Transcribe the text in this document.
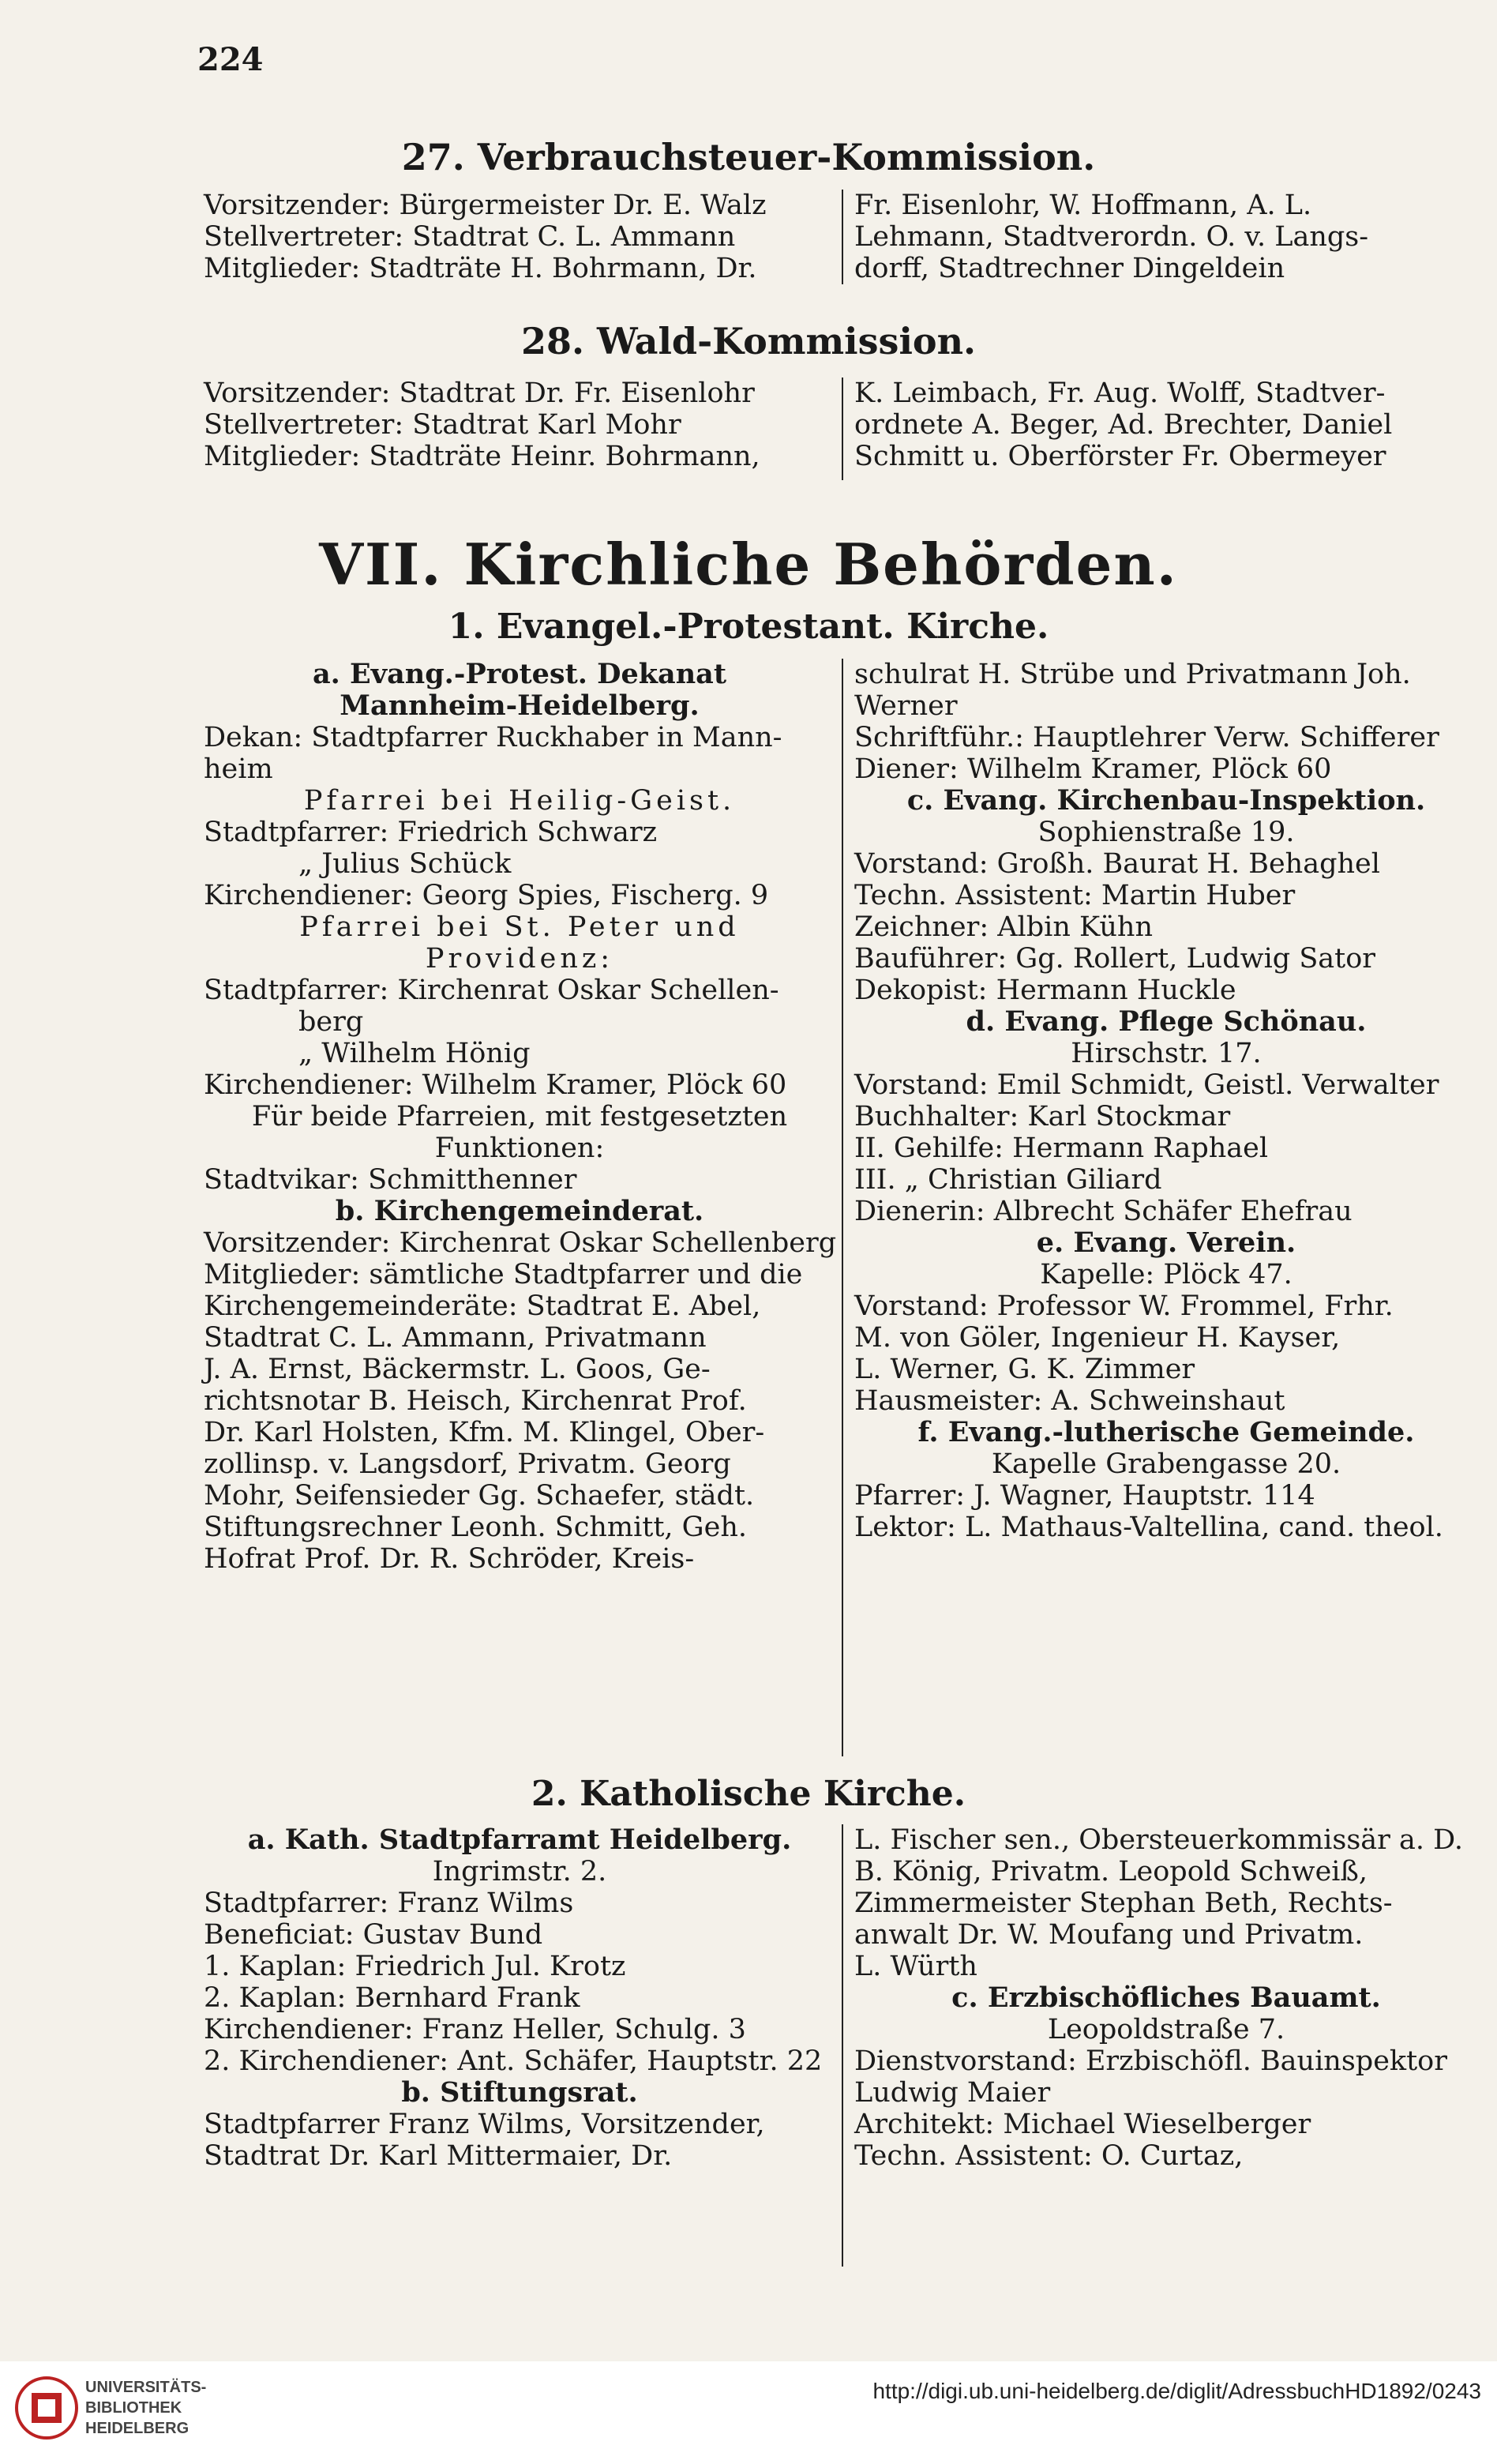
224
27. Verbrauchsteuer-Kommission.
Vorsitzender: Bürgermeister Dr. E. Walz
Stellvertreter: Stadtrat C. L. Ammann
Mitglieder: Stadträte H. Bohrmann, Dr.
Fr. Eisenlohr, W. Hoffmann, A. L.
Lehmann, Stadtverordn. O. v. Langs-
dorff, Stadtrechner Dingeldein
28. Wald-Kommission.
Vorsitzender: Stadtrat Dr. Fr. Eisenlohr
Stellvertreter: Stadtrat Karl Mohr
Mitglieder: Stadträte Heinr. Bohrmann,
K. Leimbach, Fr. Aug. Wolff, Stadtver-
ordnete A. Beger, Ad. Brechter, Daniel
Schmitt u. Oberförster Fr. Obermeyer
VII. Kirchliche Behörden.
1. Evangel.-Protestant. Kirche.
a. Evang.-Protest. Dekanat
Mannheim-Heidelberg.
Dekan: Stadtpfarrer Ruckhaber in Mann-
heim
Pfarrei bei Heilig-Geist.
Stadtpfarrer: Friedrich Schwarz
„ Julius Schück
Kirchendiener: Georg Spies, Fischerg. 9
Pfarrei bei St. Peter und
Providenz:
Stadtpfarrer: Kirchenrat Oskar Schellen-
berg
„ Wilhelm Hönig
Kirchendiener: Wilhelm Kramer, Plöck 60
Für beide Pfarreien, mit festgesetzten
Funktionen:
Stadtvikar: Schmitthenner
b. Kirchengemeinderat.
Vorsitzender: Kirchenrat Oskar Schellenberg
Mitglieder: sämtliche Stadtpfarrer und die
Kirchengemeinderäte: Stadtrat E. Abel,
Stadtrat C. L. Ammann, Privatmann
J. A. Ernst, Bäckermstr. L. Goos, Ge-
richtsnotar B. Heisch, Kirchenrat Prof.
Dr. Karl Holsten, Kfm. M. Klingel, Ober-
zollinsp. v. Langsdorf, Privatm. Georg
Mohr, Seifensieder Gg. Schaefer, städt.
Stiftungsrechner Leonh. Schmitt, Geh.
Hofrat Prof. Dr. R. Schröder, Kreis-
schulrat H. Strübe und Privatmann Joh.
Werner
Schriftführ.: Hauptlehrer Verw. Schifferer
Diener: Wilhelm Kramer, Plöck 60
c. Evang. Kirchenbau-Inspektion.
Sophienstraße 19.
Vorstand: Großh. Baurat H. Behaghel
Techn. Assistent: Martin Huber
Zeichner: Albin Kühn
Bauführer: Gg. Rollert, Ludwig Sator
Dekopist: Hermann Huckle
d. Evang. Pflege Schönau.
Hirschstr. 17.
Vorstand: Emil Schmidt, Geistl. Verwalter
Buchhalter: Karl Stockmar
II. Gehilfe: Hermann Raphael
III. „ Christian Giliard
Dienerin: Albrecht Schäfer Ehefrau
e. Evang. Verein.
Kapelle: Plöck 47.
Vorstand: Professor W. Frommel, Frhr.
M. von Göler, Ingenieur H. Kayser,
L. Werner, G. K. Zimmer
Hausmeister: A. Schweinshaut
f. Evang.-lutherische Gemeinde.
Kapelle Grabengasse 20.
Pfarrer: J. Wagner, Hauptstr. 114
Lektor: L. Mathaus-Valtellina, cand. theol.
2. Katholische Kirche.
a. Kath. Stadtpfarramt Heidelberg.
Ingrimstr. 2.
Stadtpfarrer: Franz Wilms
Beneficiat: Gustav Bund
1. Kaplan: Friedrich Jul. Krotz
2. Kaplan: Bernhard Frank
Kirchendiener: Franz Heller, Schulg. 3
2. Kirchendiener: Ant. Schäfer, Hauptstr. 22
b. Stiftungsrat.
Stadtpfarrer Franz Wilms, Vorsitzender,
Stadtrat Dr. Karl Mittermaier, Dr.
L. Fischer sen., Obersteuerkommissär a. D.
B. König, Privatm. Leopold Schweiß,
Zimmermeister Stephan Beth, Rechts-
anwalt Dr. W. Moufang und Privatm.
L. Würth
c. Erzbischöfliches Bauamt.
Leopoldstraße 7.
Dienstvorstand: Erzbischöfl. Bauinspektor
Ludwig Maier
Architekt: Michael Wieselberger
Techn. Assistent: O. Curtaz,
UNIVERSITÄTS-
BIBLIOTHEK
HEIDELBERG
http://digi.ub.uni-heidelberg.de/diglit/AdressbuchHD1892/0243
